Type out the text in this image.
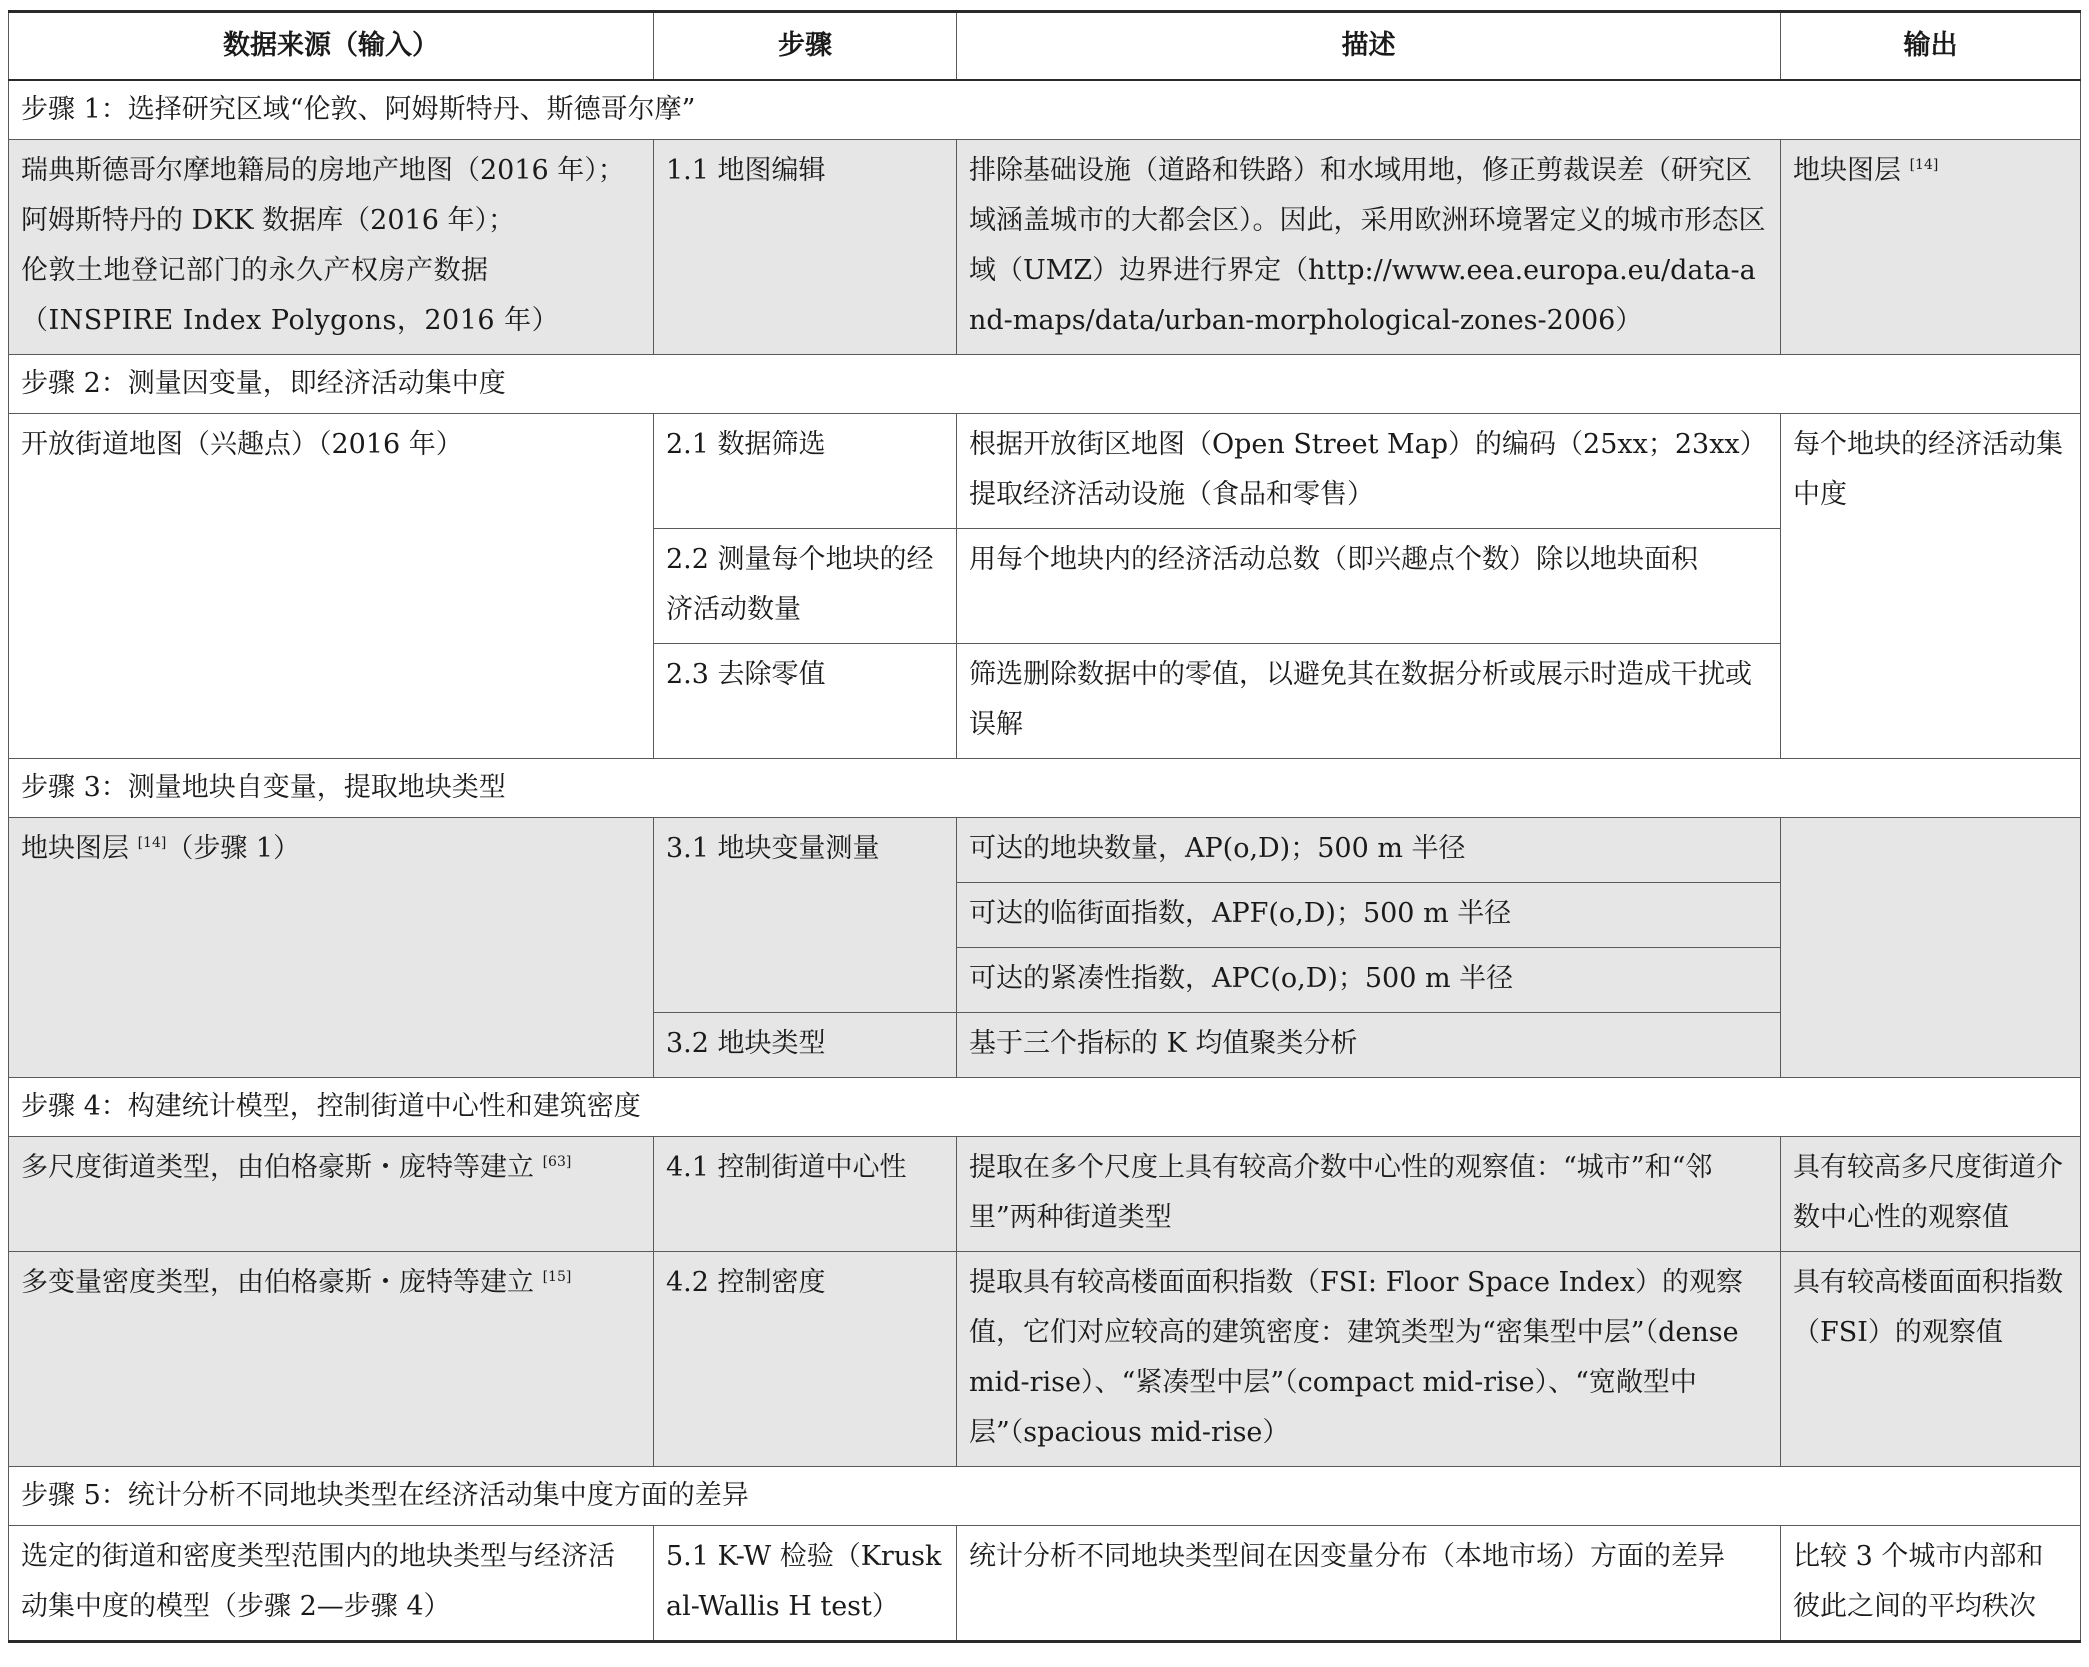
数据来源（输入）	步骤	描述	输出
步骤 1：选择研究区域“伦敦、阿姆斯特丹、斯德哥尔摩”			

瑞典斯德哥尔摩地籍局的房地产地图（2016 年）；
阿姆斯特丹的 DKK 数据库（2016 年）；
伦敦土地登记部门的永久产权房产数据（INSPIRE Index Polygons，2016 年）	1.1 地图编辑	排除基础设施（道路和铁路）和水域用地，修正剪裁误差（研究区域涵盖城市的大都会区）。因此，采用欧洲环境署定义的城市形态区域（UMZ）边界进行界定（http://www.eea.europa.eu/data-and-maps/data/urban-morphological-zones-2006）	地块图层 [14]
步骤 2：测量因变量，即经济活动集中度			
开放街道地图（兴趣点）（2016 年）	2.1 数据筛选	根据开放街区地图（Open Street Map）的编码（25xx；23xx）提取经济活动设施（食品和零售）	每个地块的经济活动集中度
	2.2 测量每个地块的经济活动数量	用每个地块内的经济活动总数（即兴趣点个数）除以地块面积	
	2.3 去除零值	筛选删除数据中的零值，以避免其在数据分析或展示时造成干扰或误解	
步骤 3：测量地块自变量，提取地块类型			
地块图层 [14]（步骤 1）	3.1 地块变量测量	可达的地块数量，AP(o,D)；500 m 半径	
		可达的临街面指数，APF(o,D)；500 m 半径	
		可达的紧凑性指数，APC(o,D)；500 m 半径	
	3.2 地块类型	基于三个指标的 K 均值聚类分析	
步骤 4：构建统计模型，控制街道中心性和建筑密度			
多尺度街道类型，由伯格豪斯・庞特等建立 [63]	4.1 控制街道中心性	提取在多个尺度上具有较高介数中心性的观察值：“城市”和“邻里”两种街道类型	具有较高多尺度街道介数中心性的观察值
多变量密度类型，由伯格豪斯・庞特等建立 [15]	4.2 控制密度	提取具有较高楼面面积指数（FSI: Floor Space Index）的观察值，它们对应较高的建筑密度：建筑类型为“密集型中层”（dense mid-rise）、“紧凑型中层”（compact mid-rise）、“宽敞型中层”（spacious mid-rise）	具有较高楼面面积指数（FSI）的观察值
步骤 5：统计分析不同地块类型在经济活动集中度方面的差异			
选定的街道和密度类型范围内的地块类型与经济活动集中度的模型（步骤 2—步骤 4）	5.1 K-W 检验（Kruskal-Wallis H test）	统计分析不同地块类型间在因变量分布（本地市场）方面的差异	比较 3 个城市内部和彼此之间的平均秩次
